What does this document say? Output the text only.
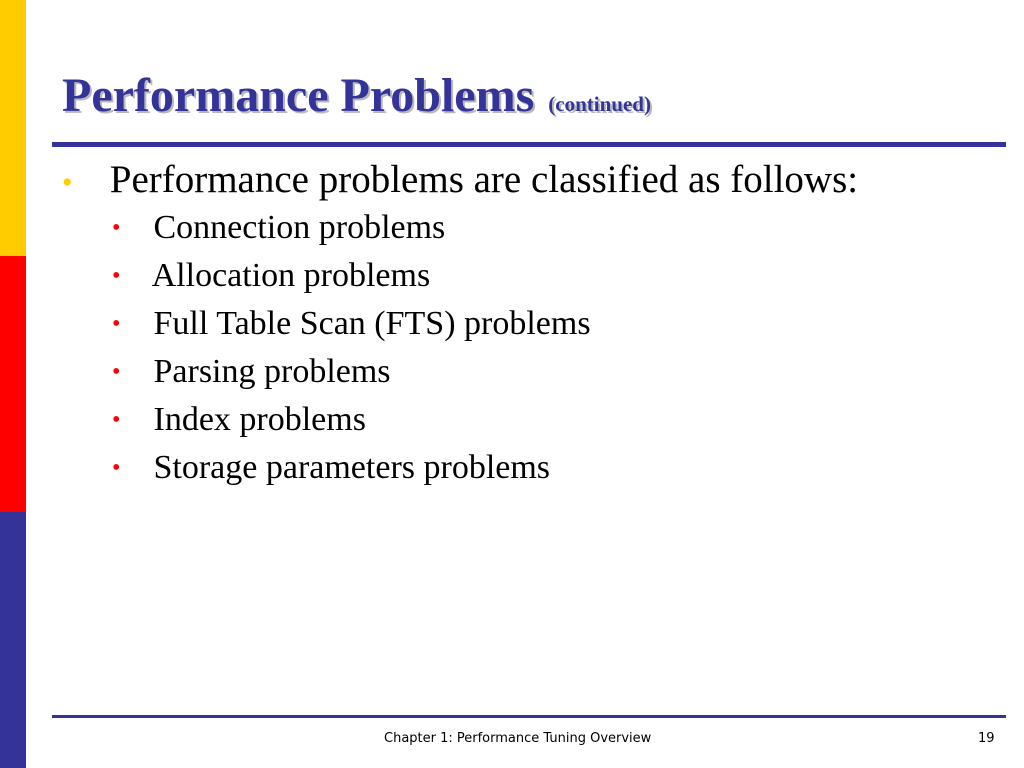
Performance Problems (continued)
• Performance problems are classified as follows:
• Connection problems
• Allocation problems
• Full Table Scan (FTS) problems
• Parsing problems
• Index problems
• Storage parameters problems
Chapter 1: Performance Tuning Overview	19
